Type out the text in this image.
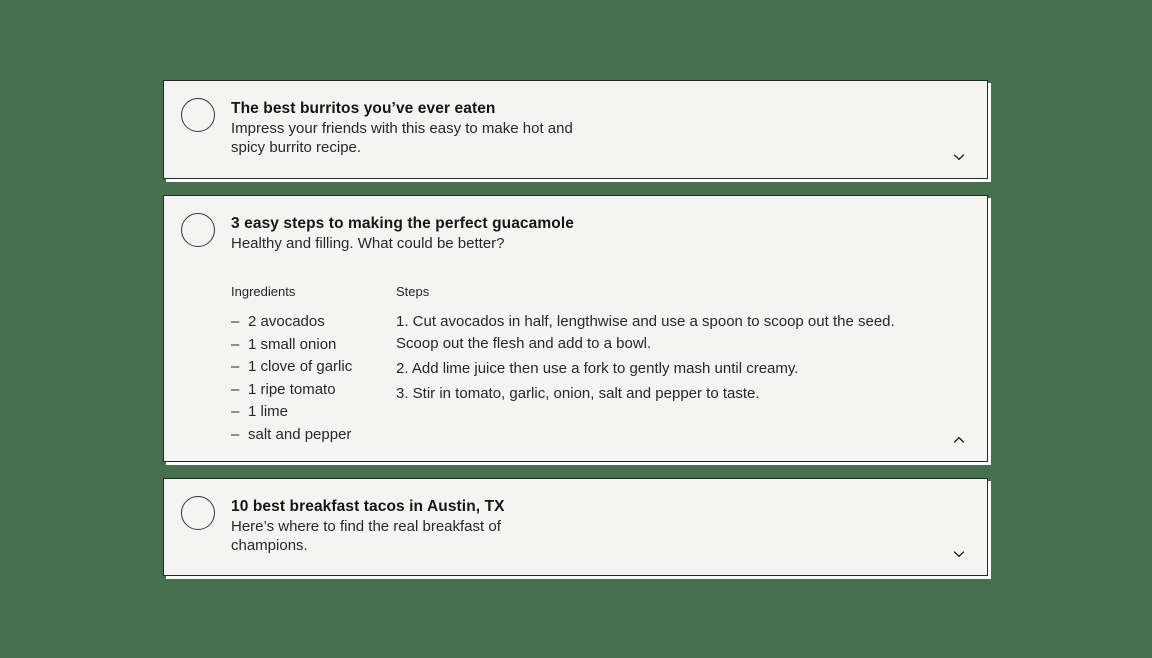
The best burritos you’ve ever eaten
Impress your friends with this easy to make hot and spicy burrito recipe.
3 easy steps to making the perfect guacamole
Healthy and filling. What could be better?
Ingredients
– 2 avocados
– 1 small onion
– 1 clove of garlic
– 1 ripe tomato
– 1 lime
– salt and pepper
Steps
1. Cut avocados in half, lengthwise and use a spoon to scoop out the seed. Scoop out the flesh and add to a bowl.
2. Add lime juice then use a fork to gently mash until creamy.
3. Stir in tomato, garlic, onion, salt and pepper to taste.
10 best breakfast tacos in Austin, TX
Here’s where to find the real breakfast of champions.
